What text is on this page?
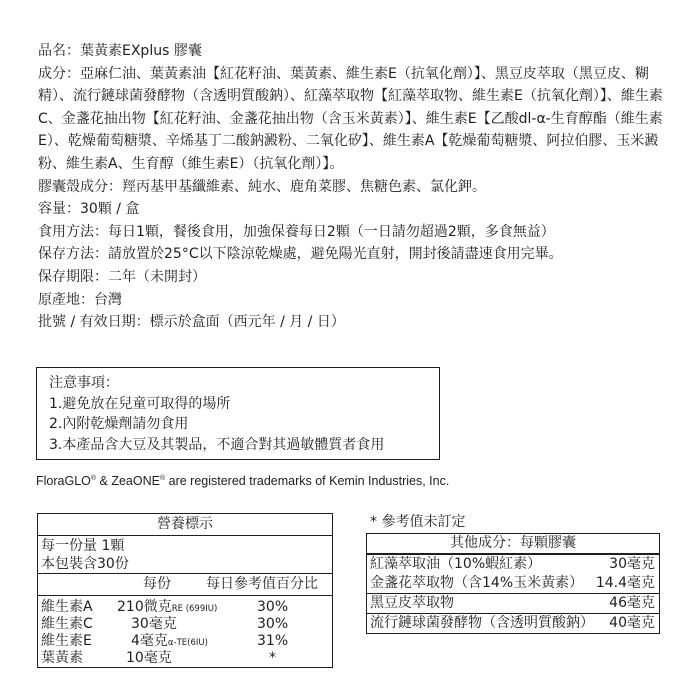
品名：葉黃素EXplus 膠囊

成分：亞麻仁油、葉黃素油【紅花籽油、葉黃素、維生素E（抗氧化劑）】、黑豆皮萃取（黑豆皮、糊精）、流行鏈球菌發酵物（含透明質酸鈉）、紅藻萃取物【紅藻萃取物、維生素E（抗氧化劑）】、維生素C、金盞花抽出物【紅花籽油、金盞花抽出物（含玉米黃素）】、維生素E【乙酸dl-α-生育醇酯（維生素E）、乾燥葡萄糖漿、辛烯基丁二酸鈉澱粉、二氧化矽】、維生素A【乾燥葡萄糖漿、阿拉伯膠、玉米澱粉、維生素A、生育醇（維生素E）（抗氧化劑）】。

膠囊殼成分：羥丙基甲基纖維素、純水、鹿角菜膠、焦糖色素、氯化鉀。

容量：30顆 / 盒

食用方法：每日1顆，餐後食用，加強保養每日2顆（一日請勿超過2顆，多食無益）

保存方法：請放置於25°C以下陰涼乾燥處，避免陽光直射，開封後請盡速食用完畢。

保存期限：二年（未開封）

原產地：台灣

批號 / 有效日期：標示於盒面（西元年 / 月 / 日）

注意事項：

1.避免放在兒童可取得的場所

2.內附乾燥劑請勿食用

3.本產品含大豆及其製品，不適合對其過敏體質者食用

FloraGLO® & ZeaONE® are registered trademarks of Kemin Industries, Inc.
營養標示
每一份量 1顆
本包裝含30份
每份	每日參考值百分比
維生素A 210微克RE (699IU)	30%
維生素C	30毫克	30%
維生素E	4毫克α-TE(6IU)	31%
葉黃素	10毫克	*
* 參考值未訂定
其他成分：每顆膠囊
紅藻萃取油（10%蝦紅素）	30毫克
金盞花萃取物（含14%玉米黃素） 14.4毫克
黑豆皮萃取物	46毫克
流行鏈球菌發酵物（含透明質酸鈉） 40毫克
